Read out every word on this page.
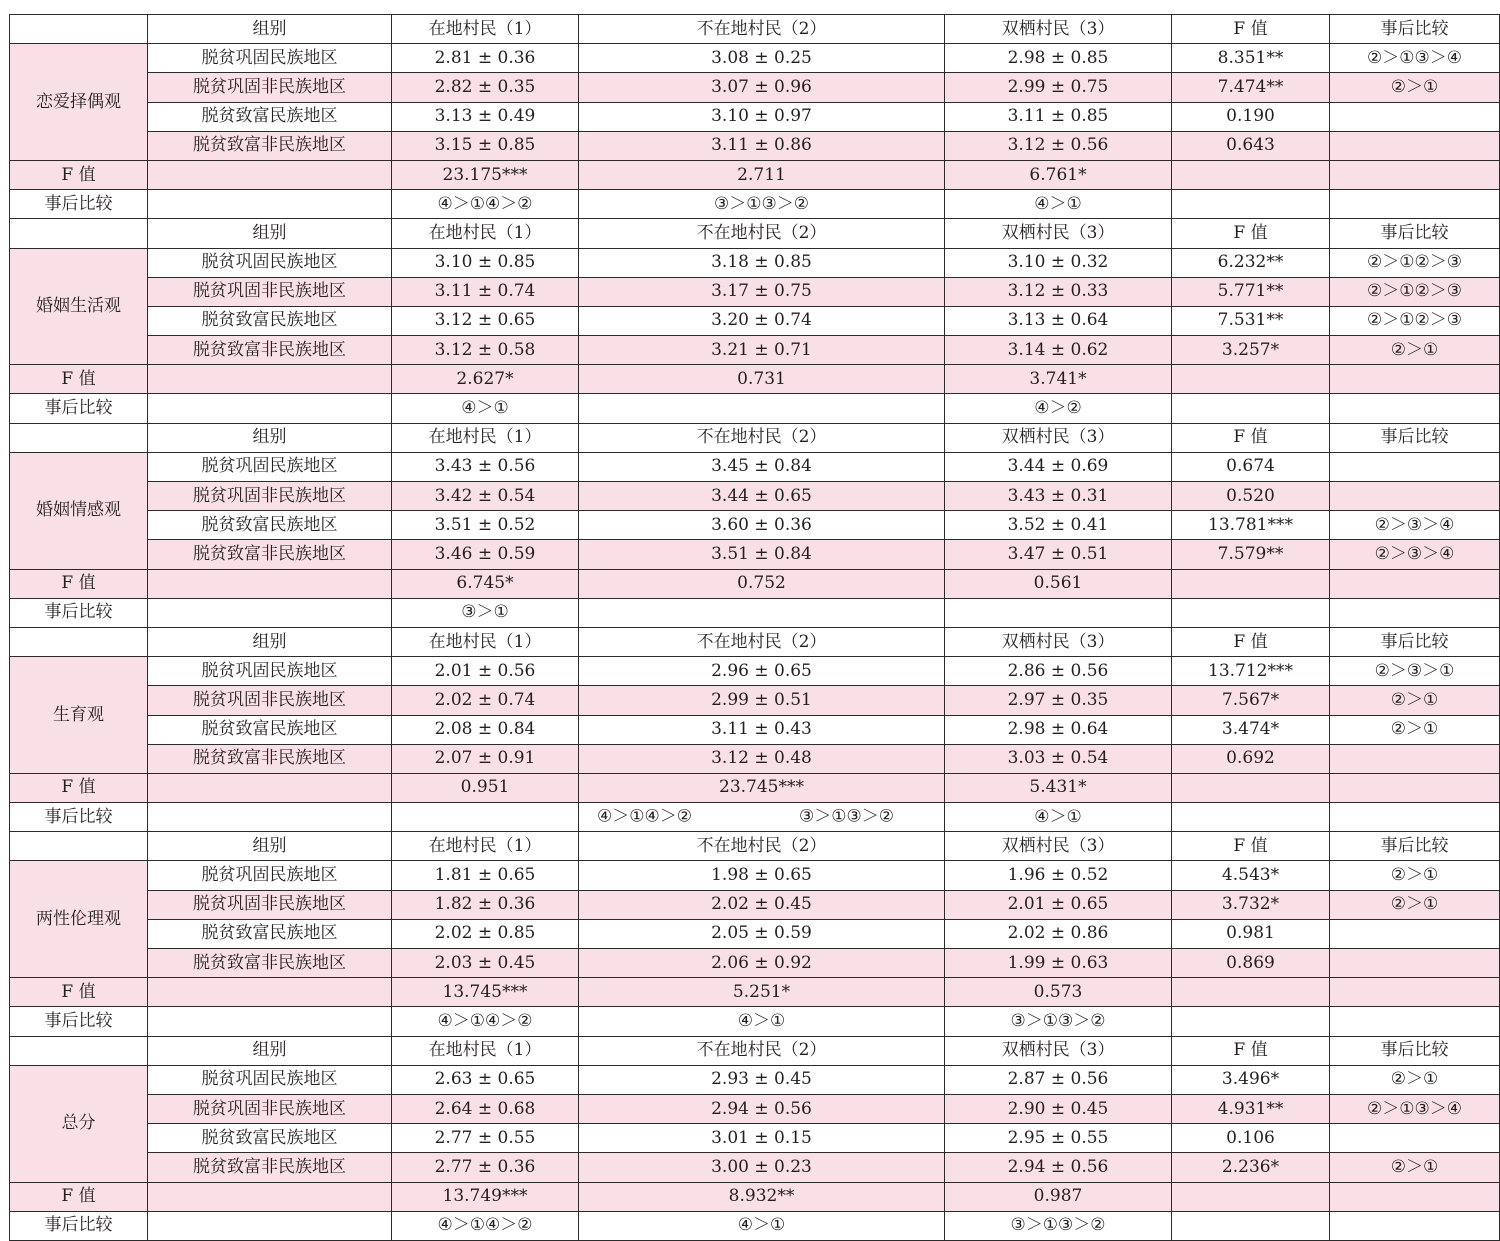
	组别	在地村民（1）	不在地村民（2）	双栖村民（3）	F 值	事后比较
恋爱择偶观	脱贫巩固民族地区	2.81 ± 0.36	3.08 ± 0.25	2.98 ± 0.85	8.351**	②＞①③＞④
	脱贫巩固非民族地区	2.82 ± 0.35	3.07 ± 0.96	2.99 ± 0.75	7.474**	②＞①
	脱贫致富民族地区	3.13 ± 0.49	3.10 ± 0.97	3.11 ± 0.85	0.190	
	脱贫致富非民族地区	3.15 ± 0.85	3.11 ± 0.86	3.12 ± 0.56	0.643	
F 值		23.175***	2.711	6.761*		
事后比较		④＞①④＞②	③＞①③＞②	④＞①		
	组别	在地村民（1）	不在地村民（2）	双栖村民（3）	F 值	事后比较
婚姻生活观	脱贫巩固民族地区	3.10 ± 0.85	3.18 ± 0.85	3.10 ± 0.32	6.232**	②＞①②＞③
	脱贫巩固非民族地区	3.11 ± 0.74	3.17 ± 0.75	3.12 ± 0.33	5.771**	②＞①②＞③
	脱贫致富民族地区	3.12 ± 0.65	3.20 ± 0.74	3.13 ± 0.64	7.531**	②＞①②＞③
	脱贫致富非民族地区	3.12 ± 0.58	3.21 ± 0.71	3.14 ± 0.62	3.257*	②＞①
F 值		2.627*	0.731	3.741*		
事后比较		④＞①		④＞②		
	组别	在地村民（1）	不在地村民（2）	双栖村民（3）	F 值	事后比较
婚姻情感观	脱贫巩固民族地区	3.43 ± 0.56	3.45 ± 0.84	3.44 ± 0.69	0.674	
	脱贫巩固非民族地区	3.42 ± 0.54	3.44 ± 0.65	3.43 ± 0.31	0.520	
	脱贫致富民族地区	3.51 ± 0.52	3.60 ± 0.36	3.52 ± 0.41	13.781***	②＞③＞④
	脱贫致富非民族地区	3.46 ± 0.59	3.51 ± 0.84	3.47 ± 0.51	7.579**	②＞③＞④
F 值		6.745*	0.752	0.561		
事后比较		③＞①				
	组别	在地村民（1）	不在地村民（2）	双栖村民（3）	F 值	事后比较
生育观	脱贫巩固民族地区	2.01 ± 0.56	2.96 ± 0.65	2.86 ± 0.56	13.712***	②＞③＞①
	脱贫巩固非民族地区	2.02 ± 0.74	2.99 ± 0.51	2.97 ± 0.35	7.567*	②＞①
	脱贫致富民族地区	2.08 ± 0.84	3.11 ± 0.43	2.98 ± 0.64	3.474*	②＞①
	脱贫致富非民族地区	2.07 ± 0.91	3.12 ± 0.48	3.03 ± 0.54	0.692	
F 值		0.951	23.745***	5.431*		
事后比较			④＞①④＞② ③＞①③＞②	④＞①		
	组别	在地村民（1）	不在地村民（2）	双栖村民（3）	F 值	事后比较
两性伦理观	脱贫巩固民族地区	1.81 ± 0.65	1.98 ± 0.65	1.96 ± 0.52	4.543*	②＞①
	脱贫巩固非民族地区	1.82 ± 0.36	2.02 ± 0.45	2.01 ± 0.65	3.732*	②＞①
	脱贫致富民族地区	2.02 ± 0.85	2.05 ± 0.59	2.02 ± 0.86	0.981	
	脱贫致富非民族地区	2.03 ± 0.45	2.06 ± 0.92	1.99 ± 0.63	0.869	
F 值		13.745***	5.251*	0.573		
事后比较		④＞①④＞②	④＞①	③＞①③＞②		
	组别	在地村民（1）	不在地村民（2）	双栖村民（3）	F 值	事后比较
总分	脱贫巩固民族地区	2.63 ± 0.65	2.93 ± 0.45	2.87 ± 0.56	3.496*	②＞①
	脱贫巩固非民族地区	2.64 ± 0.68	2.94 ± 0.56	2.90 ± 0.45	4.931**	②＞①③＞④
	脱贫致富民族地区	2.77 ± 0.55	3.01 ± 0.15	2.95 ± 0.55	0.106	
	脱贫致富非民族地区	2.77 ± 0.36	3.00 ± 0.23	2.94 ± 0.56	2.236*	②＞①
F 值		13.749***	8.932**	0.987		
事后比较		④＞①④＞②	④＞①	③＞①③＞②		
